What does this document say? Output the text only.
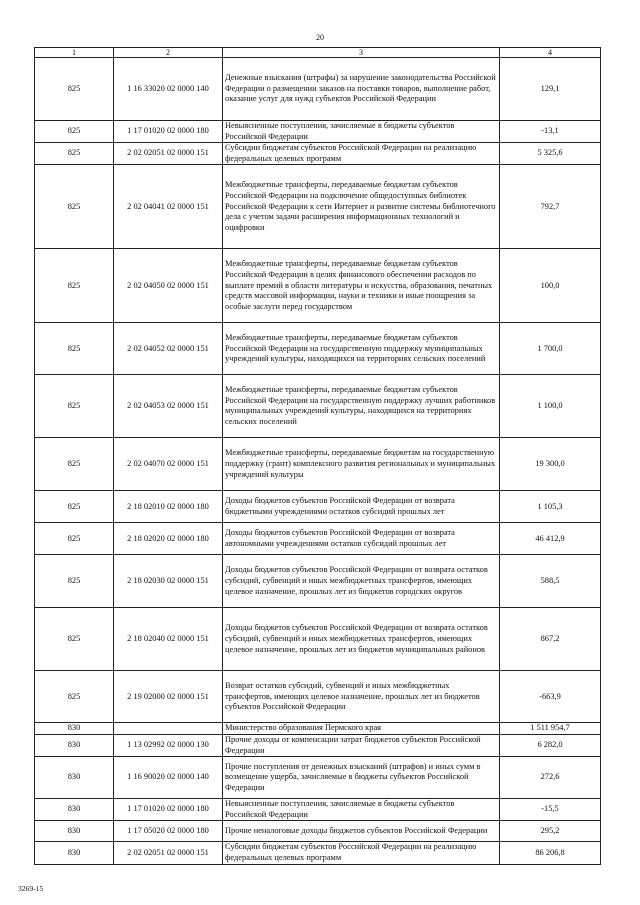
20
1	2	3	4
825	1 16 33020 02 0000 140	Денежные взыскания (штрафы) за нарушение законодательства Российской Федерации о размещении заказов на поставки товаров, выполнение работ, оказание услуг для нужд субъектов Российской Федерации	129,1
825	1 17 01020 02 0000 180	Невыясненные поступления, зачисляемые в бюджеты субъектов Российской Федерации	-13,1
825	2 02 02051 02 0000 151	Субсидии бюджетам субъектов Российской Федерации на реализацию федеральных целевых программ	5 325,6
825	2 02 04041 02 0000 151	Межбюджетные трансферты, передаваемые бюджетам субъектов Российской Федерации на подключение общедоступных библиотек Российской Федерации к сети Интернет и развитие системы библиотечного дела с учетом задачи расширения информационных технологий и оцифровки	792,7
825	2 02 04050 02 0000 151	Межбюджетные трансферты, передаваемые бюджетам субъектов Российской Федерации в целях финансового обеспечения расходов по выплате премий в области литературы и искусства, образования, печатных средств массовой информации, науки и техники и иные поощрения за особые заслуги перед государством	100,0
825	2 02 04052 02 0000 151	Межбюджетные трансферты, передаваемые бюджетам субъектов Российской Федерации на государственную поддержку муниципальных учреждений культуры, находящихся на территориях сельских поселений	1 700,0
825	2 02 04053 02 0000 151	Межбюджетные трансферты, передаваемые бюджетам субъектов Российской Федерации на государственную поддержку лучших работников муниципальных учреждений культуры, находящихся на территориях сельских поселений	1 100,0
825	2 02 04070 02 0000 151	Межбюджетные трансферты, передаваемые бюджетам на государственную поддержку (грант) комплексного развития региональных и муниципальных учреждений культуры	19 300,0
825	2 18 02010 02 0000 180	Доходы бюджетов субъектов Российской Федерации от возврата бюджетными учреждениями остатков субсидий прошлых лет	1 105,3
825	2 18 02020 02 0000 180	Доходы бюджетов субъектов Российской Федерации от возврата автономными учреждениями остатков субсидий прошлых лет	46 412,9
825	2 18 02030 02 0000 151	Доходы бюджетов субъектов Российской Федерации от возврата остатков субсидий, субвенций и иных межбюджетных трансфертов, имеющих целевое назначение, прошлых лет из бюджетов городских округов	588,5
825	2 18 02040 02 0000 151	Доходы бюджетов субъектов Российской Федерации от возврата остатков субсидий, субвенций и иных межбюджетных трансфертов, имеющих целевое назначение, прошлых лет из бюджетов муниципальных районов	867,2
825	2 19 02000 02 0000 151	Возврат остатков субсидий, субвенций и иных межбюджетных трансфертов, имеющих целевое назначение, прошлых лет из бюджетов субъектов Российской Федерации	-663,9
830		Министерство образования Пермского края	1 511 954,7
830	1 13 02992 02 0000 130	Прочие доходы от компенсации затрат бюджетов субъектов Российской Федерации	6 282,0
830	1 16 90020 02 0000 140	Прочие поступления от денежных взысканий (штрафов) и иных сумм в возмещение ущерба, зачисляемые в бюджеты субъектов Российской Федерации	272,6
830	1 17 01020 02 0000 180	Невыясненные поступления, зачисляемые в бюджеты субъектов Российской Федерации	-15,5
830	1 17 05020 02 0000 180	Прочие неналоговые доходы бюджетов субъектов Российской Федерации	295,2
830	2 02 02051 02 0000 151	Субсидии бюджетам субъектов Российской Федерации на реализацию федеральных целевых программ	86 206,8
3269-15
